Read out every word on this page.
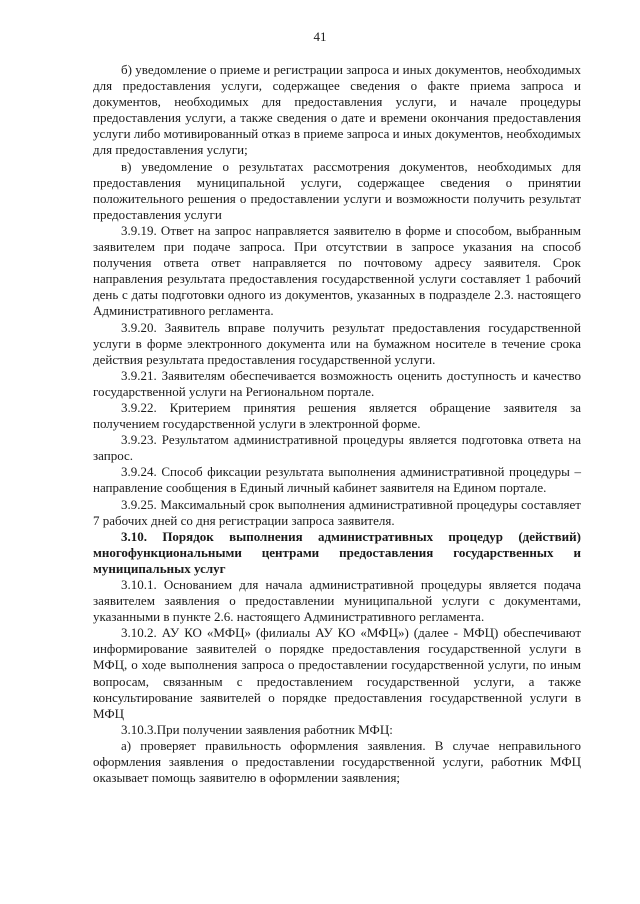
41

б) уведомление о приеме и регистрации запроса и иных документов, необходимых для предоставления услуги, содержащее сведения о факте приема запроса и документов, необходимых для предоставления услуги, и начале процедуры предоставления услуги, а также сведения о дате и времени окончания предоставления услуги либо мотивированный отказ в приеме запроса и иных документов, необходимых для предоставления услуги;

в) уведомление о результатах рассмотрения документов, необходимых для предоставления муниципальной услуги, содержащее сведения о принятии положительного решения о предоставлении услуги и возможности получить результат предоставления услуги

3.9.19. Ответ на запрос направляется заявителю в форме и способом, выбранным заявителем при подаче запроса. При отсутствии в запросе указания на способ получения ответа ответ направляется по почтовому адресу заявителя. Срок направления результата предоставления государственной услуги составляет 1 рабочий день с даты подготовки одного из документов, указанных в подразделе 2.3. настоящего Административного регламента.

3.9.20. Заявитель вправе получить результат предоставления государственной услуги в форме электронного документа или на бумажном носителе в течение срока действия результата предоставления государственной услуги.

3.9.21. Заявителям обеспечивается возможность оценить доступность и качество государственной услуги на Региональном портале.

3.9.22. Критерием принятия решения является обращение заявителя за получением государственной услуги в электронной форме.

3.9.23. Результатом административной процедуры является подготовка ответа на запрос.

3.9.24. Способ фиксации результата выполнения административной процедуры – направление сообщения в Единый личный кабинет заявителя на Едином портале.

3.9.25. Максимальный срок выполнения административной процедуры составляет 7 рабочих дней со дня регистрации запроса заявителя.

3.10. Порядок выполнения административных процедур (действий) многофункциональными центрами предоставления государственных и муниципальных услуг

3.10.1. Основанием для начала административной процедуры является подача заявителем заявления о предоставлении муниципальной услуги с документами, указанными в пункте 2.6. настоящего Административного регламента.

3.10.2. АУ КО «МФЦ» (филиалы АУ КО «МФЦ») (далее - МФЦ) обеспечивают информирование заявителей о порядке предоставления государственной услуги в МФЦ, о ходе выполнения запроса о предоставлении государственной услуги, по иным вопросам, связанным с предоставлением государственной услуги, а также консультирование заявителей о порядке предоставления государственной услуги в МФЦ

3.10.3.При получении заявления работник МФЦ:

а) проверяет правильность оформления заявления. В случае неправильного оформления заявления о предоставлении государственной услуги, работник МФЦ оказывает помощь заявителю в оформлении заявления;
